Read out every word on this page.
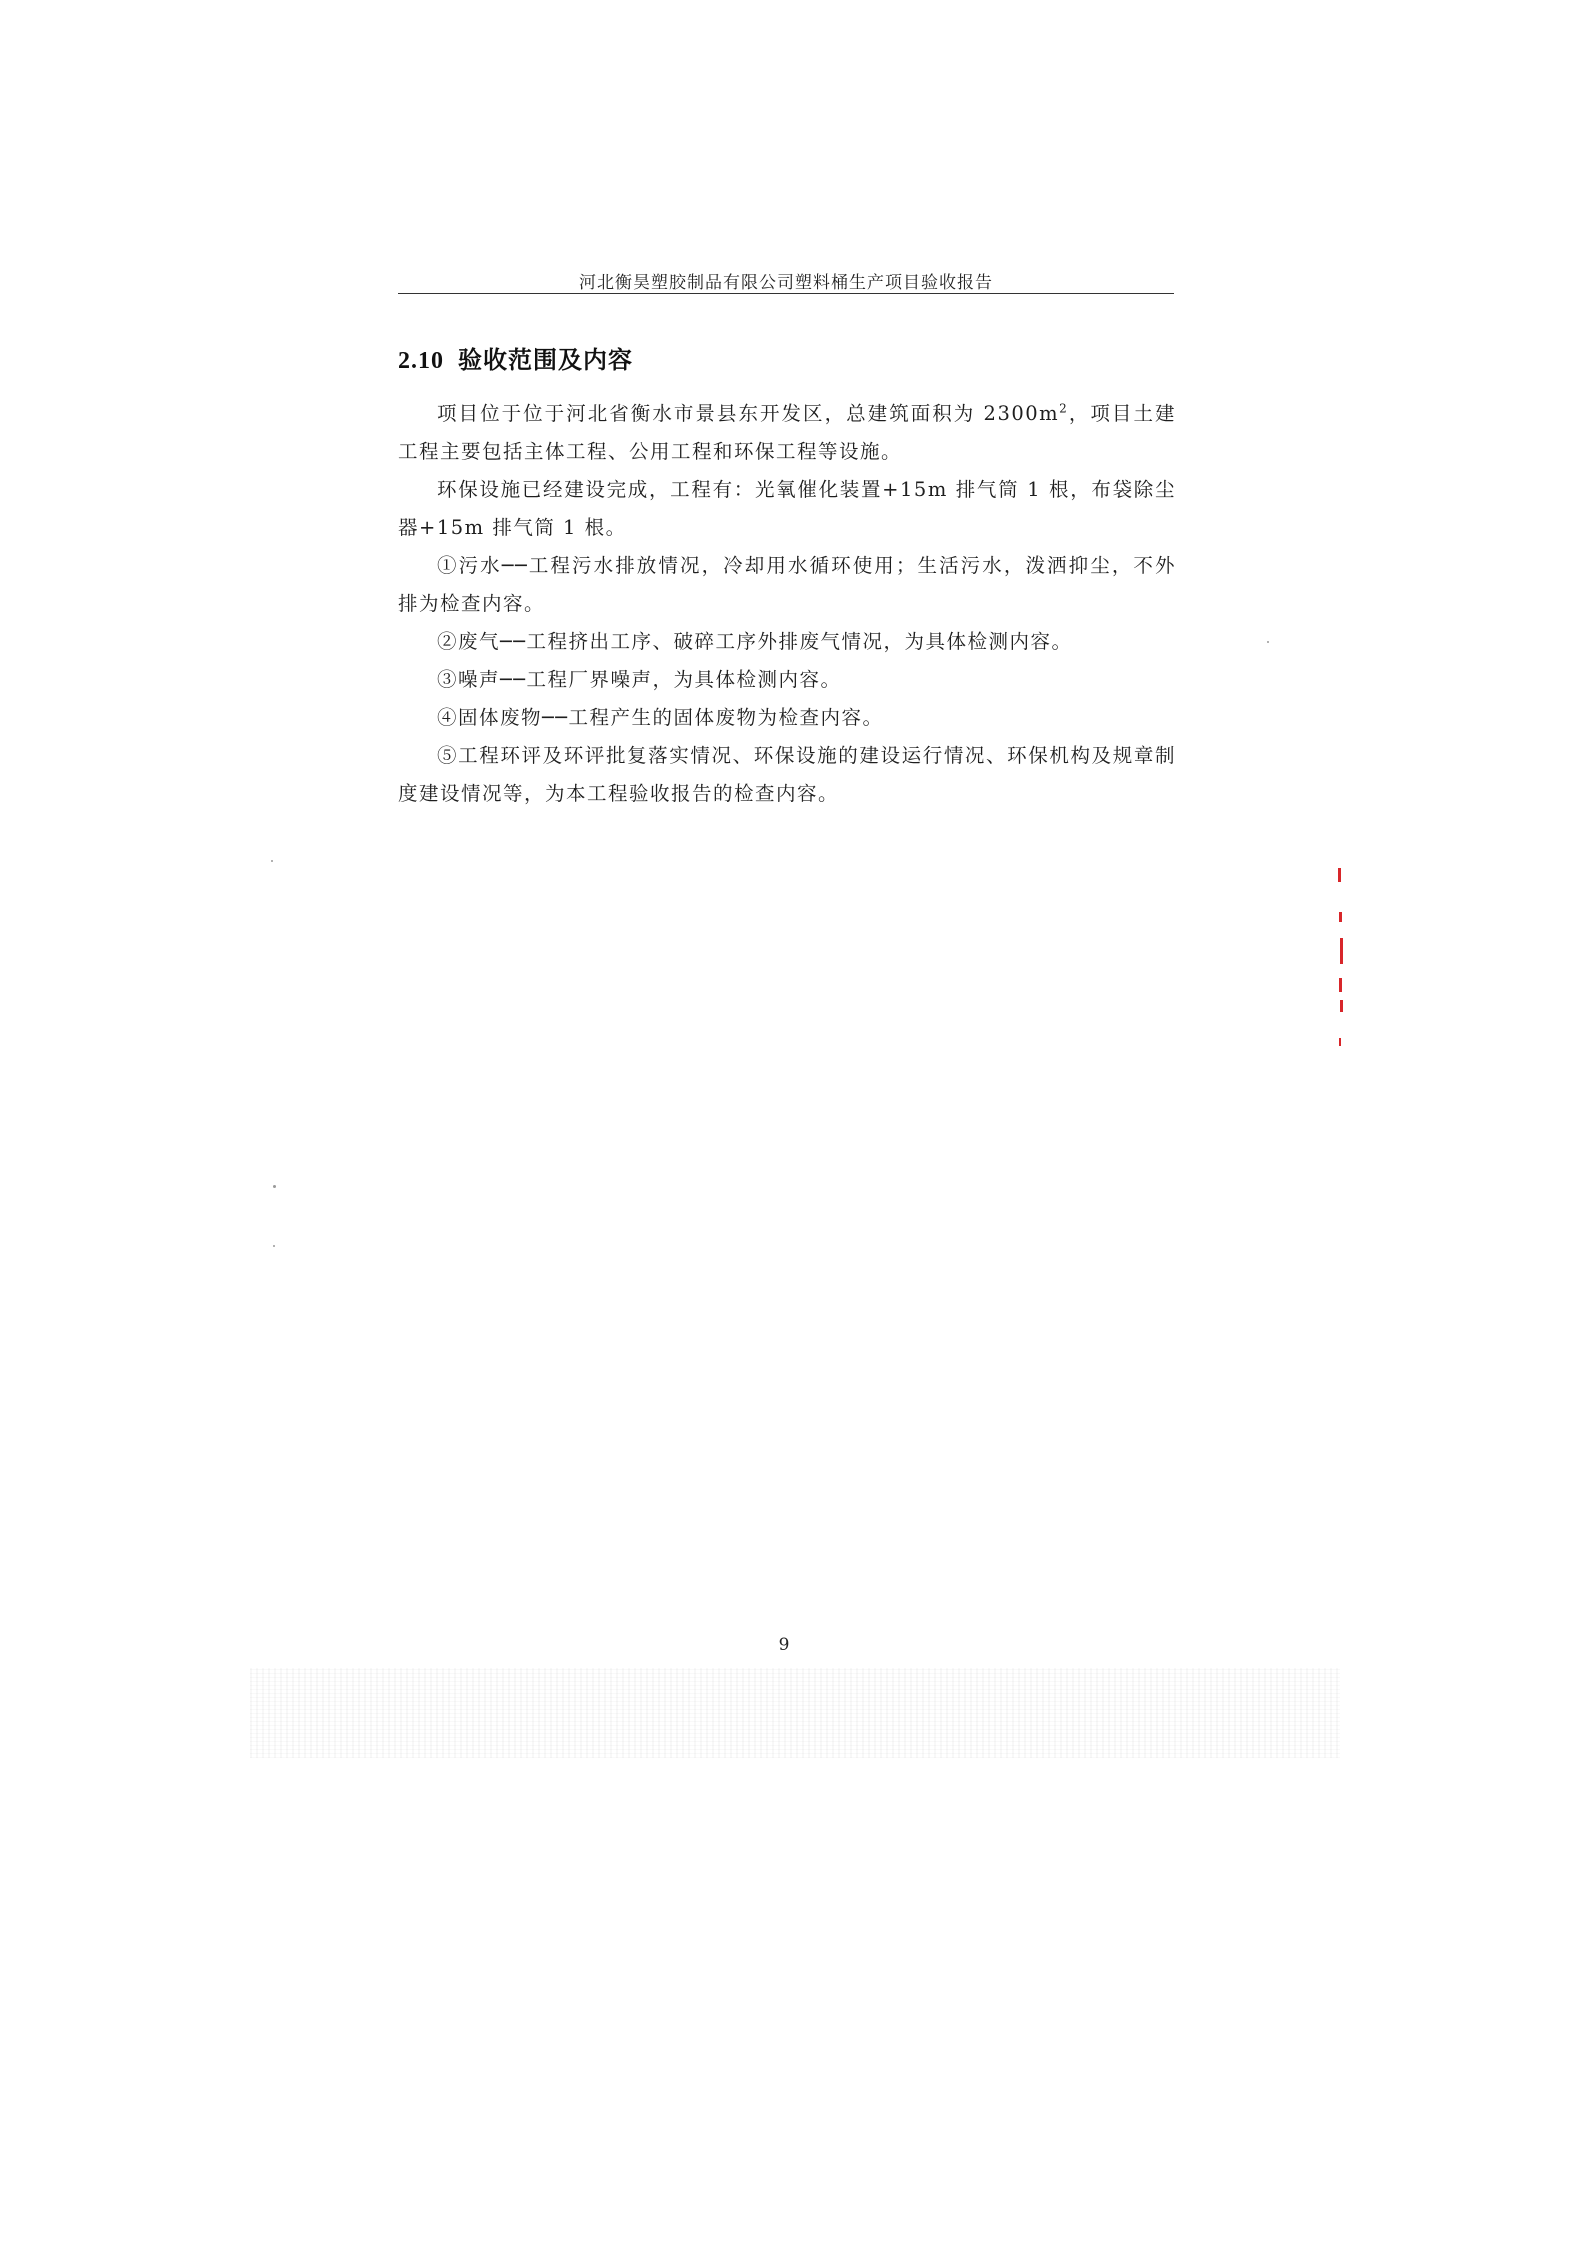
河北衡昊塑胶制品有限公司塑料桶生产项目验收报告
2.10 验收范围及内容

项目位于位于河北省衡水市景县东开发区，总建筑面积为 $2300m^2$，项目土建工程主要包括主体工程、公用工程和环保工程等设施。

环保设施已经建设完成，工程有：光氧催化装置+15m 排气筒 1 根，布袋除尘器+15m 排气筒 1 根。

①污水──工程污水排放情况，冷却用水循环使用；生活污水，泼洒抑尘，不外排为检查内容。

②废气──工程挤出工序、破碎工序外排废气情况，为具体检测内容。

③噪声──工程厂界噪声，为具体检测内容。

④固体废物──工程产生的固体废物为检查内容。

⑤工程环评及环评批复落实情况、环保设施的建设运行情况、环保机构及规章制度建设情况等，为本工程验收报告的检查内容。

9
